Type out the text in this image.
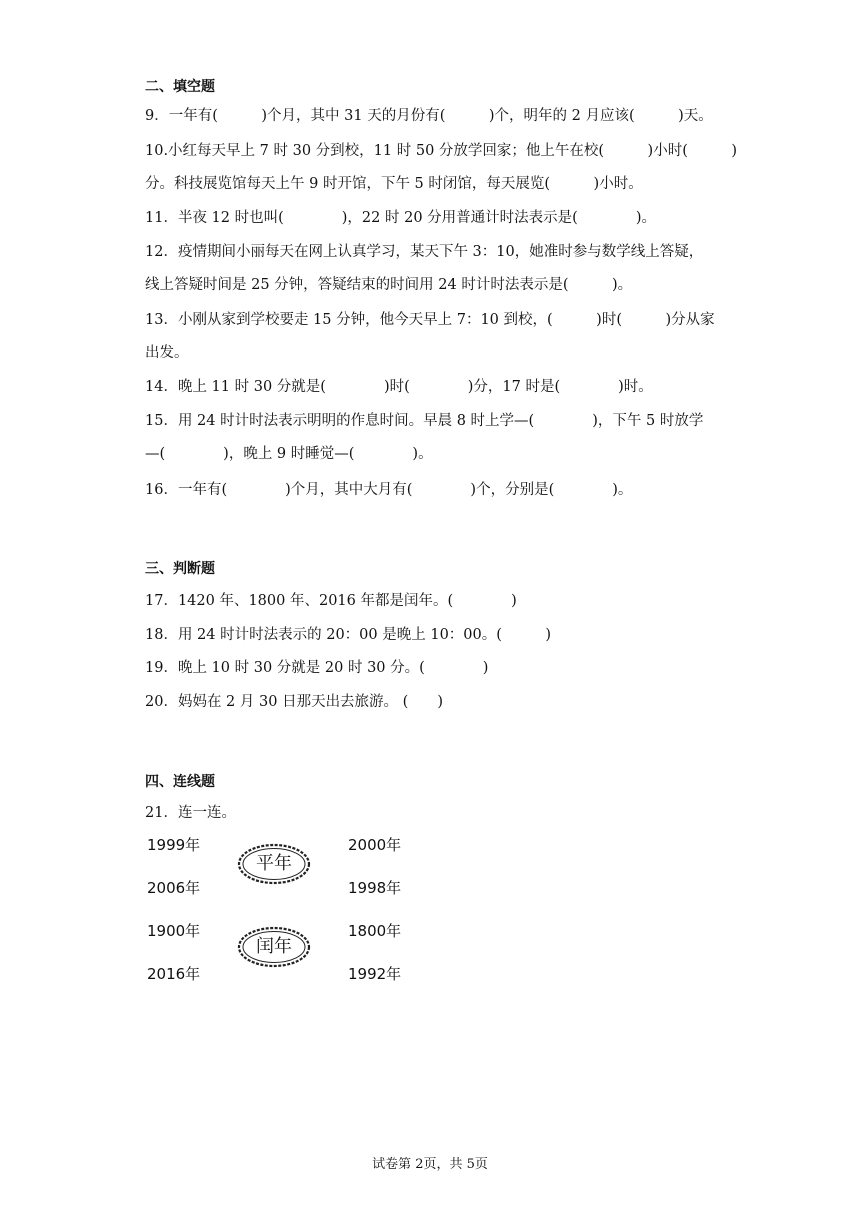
二、填空题
9．一年有(　　　)个月，其中 31 天的月份有(　　　)个，明年的 2 月应该(　　　)天。
10.小红每天早上 7 时 30 分到校，11 时 50 分放学回家；他上午在校(　　　)小时(　　　)
分。科技展览馆每天上午 9 时开馆，下午 5 时闭馆，每天展览(　　　)小时。
11．半夜 12 时也叫(　　　　)，22 时 20 分用普通计时法表示是(　　　　)。
12．疫情期间小丽每天在网上认真学习，某天下午 3：10，她准时参与数学线上答疑，
线上答疑时间是 25 分钟，答疑结束的时间用 24 时计时法表示是(　　　)。
13．小刚从家到学校要走 15 分钟，他今天早上 7：10 到校，(　　　)时(　　　)分从家
出发。
14．晚上 11 时 30 分就是(　　　　)时(　　　　)分，17 时是(　　　　)时。
15．用 24 时计时法表示明明的作息时间。早晨 8 时上学—(　　　　)，下午 5 时放学
—(　　　　)，晚上 9 时睡觉—(　　　　)。
16．一年有(　　　　)个月，其中大月有(　　　　)个，分别是(　　　　)。
三、判断题
17．1420 年、1800 年、2016 年都是闰年。(　　　　)
18．用 24 时计时法表示的 20：00 是晚上 10：00。(　　　)
19．晚上 10 时 30 分就是 20 时 30 分。(　　　　)
20．妈妈在 2 月 30 日那天出去旅游。 (　　)
四、连线题
21．连一连。
1999年
2006年
1900年
2016年
2000年
1998年
1800年
1992年
平年
闰年
试卷第 2页，共 5页
